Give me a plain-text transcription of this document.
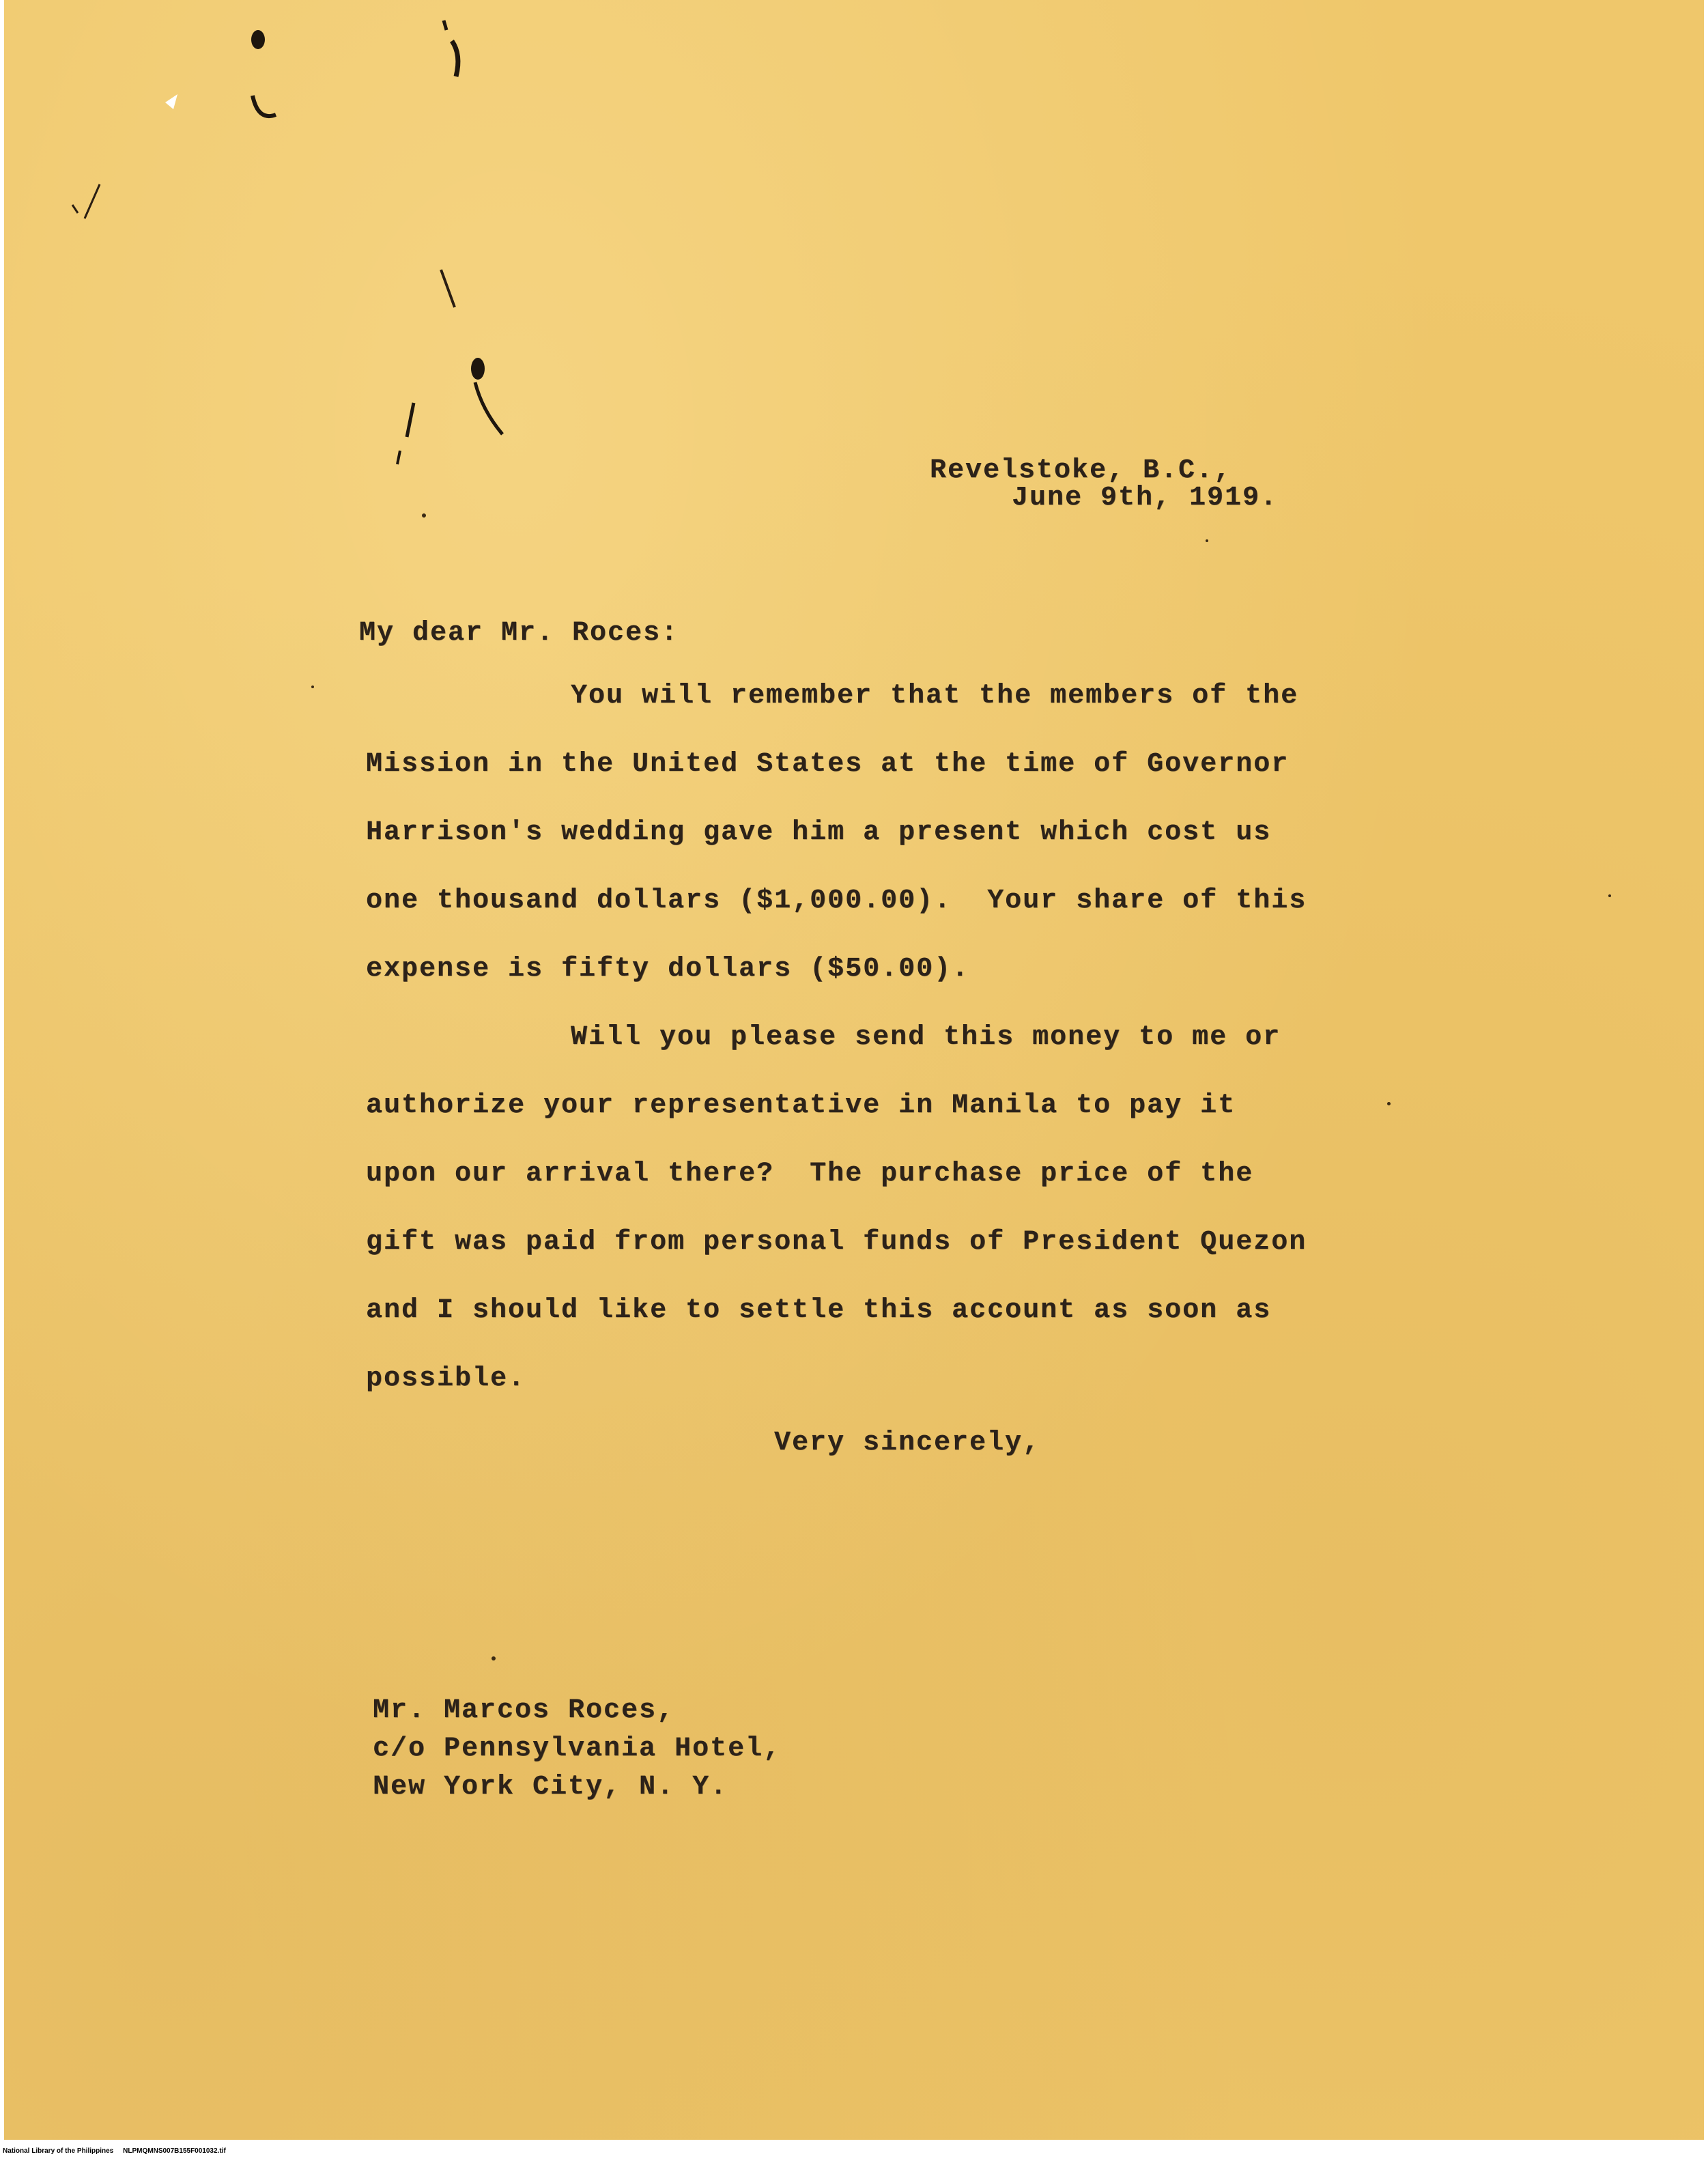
Revelstoke, B.C.,
June 9th, 1919.
My dear Mr. Roces:
You will remember that the members of the
Mission in the United States at the time of Governor
Harrison's wedding gave him a present which cost us
one thousand dollars ($1,000.00).  Your share of this
expense is fifty dollars ($50.00).
Will you please send this money to me or
authorize your representative in Manila to pay it
upon our arrival there?  The purchase price of the
gift was paid from personal funds of President Quezon
and I should like to settle this account as soon as
possible.
Very sincerely,
Mr. Marcos Roces,
c/o Pennsylvania Hotel,
New York City, N. Y.
National Library of the Philippines NLPMQMNS007B155F001032.tif
